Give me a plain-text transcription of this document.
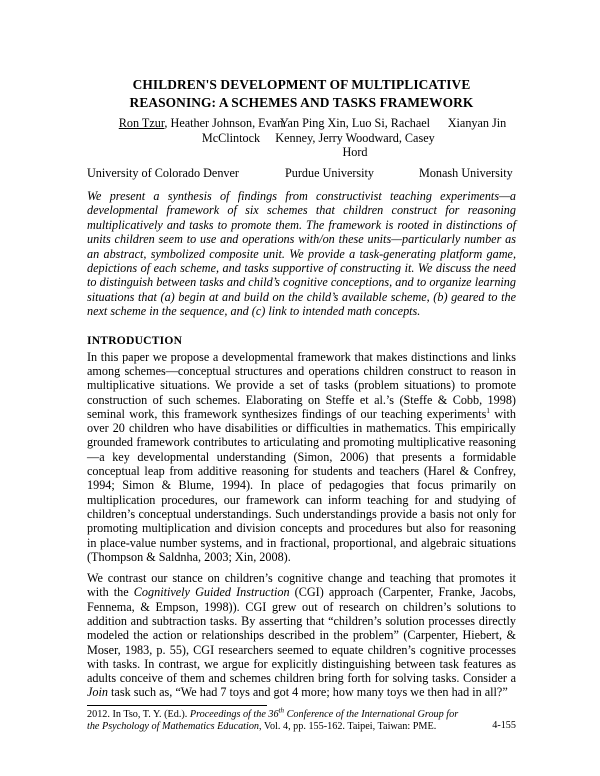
CHILDREN'S DEVELOPMENT OF MULTIPLICATIVE
REASONING: A SCHEMES AND TASKS FRAMEWORK
Ron Tzur, Heather Johnson, Evan
McClintock
Yan Ping Xin, Luo Si, Rachael
Kenney, Jerry Woodward, Casey
Hord
Xianyan Jin
University of Colorado Denver	Purdue University	Monash University
We present a synthesis of findings from constructivist teaching experiments—a developmental framework of six schemes that children construct for reasoning multiplicatively and tasks to promote them. The framework is rooted in distinctions of units children seem to use and operations with/on these units—particularly number as an abstract, symbolized composite unit. We provide a task-generating platform game, depictions of each scheme, and tasks supportive of constructing it. We discuss the need to distinguish between tasks and child’s cognitive conceptions, and to organize learning situations that (a) begin at and build on the child’s available scheme, (b) geared to the next scheme in the sequence, and (c) link to intended math concepts.
INTRODUCTION
In this paper we propose a developmental framework that makes distinctions and links among schemes—conceptual structures and operations children construct to reason in multiplicative situations. We provide a set of tasks (problem situations) to promote construction of such schemes. Elaborating on Steffe et al.’s (Steffe & Cobb, 1998) seminal work, this framework synthesizes findings of our teaching experiments$^1$ with over 20 children who have disabilities or difficulties in mathematics. This empirically grounded framework contributes to articulating and promoting multiplicative reasoning—a key developmental understanding (Simon, 2006) that presents a formidable conceptual leap from additive reasoning for students and teachers (Harel & Confrey, 1994; Simon & Blume, 1994). In place of pedagogies that focus primarily on multiplication procedures, our framework can inform teaching for and studying of children’s conceptual understandings. Such understandings provide a basis not only for promoting multiplication and division concepts and procedures but also for reasoning in place-value number systems, and in fractional, proportional, and algebraic situations (Thompson & Saldnha, 2003; Xin, 2008).
We contrast our stance on children’s cognitive change and teaching that promotes it with the Cognitively Guided Instruction (CGI) approach (Carpenter, Franke, Jacobs, Fennema, & Empson, 1998)). CGI grew out of research on children’s solutions to addition and subtraction tasks. By asserting that “children’s solution processes directly modeled the action or relationships described in the problem” (Carpenter, Hiebert, & Moser, 1983, p. 55), CGI researchers seemed to equate children’s cognitive processes with tasks. In contrast, we argue for explicitly distinguishing between task features as adults conceive of them and schemes children bring forth for solving tasks. Consider a Join task such as, “We had 7 toys and got 4 more; how many toys we then had in all?”
2012. In Tso, T. Y. (Ed.). Proceedings of the 36th Conference of the International Group for
the Psychology of Mathematics Education, Vol. 4, pp. 155-162. Taipei, Taiwan: PME.	4-155
